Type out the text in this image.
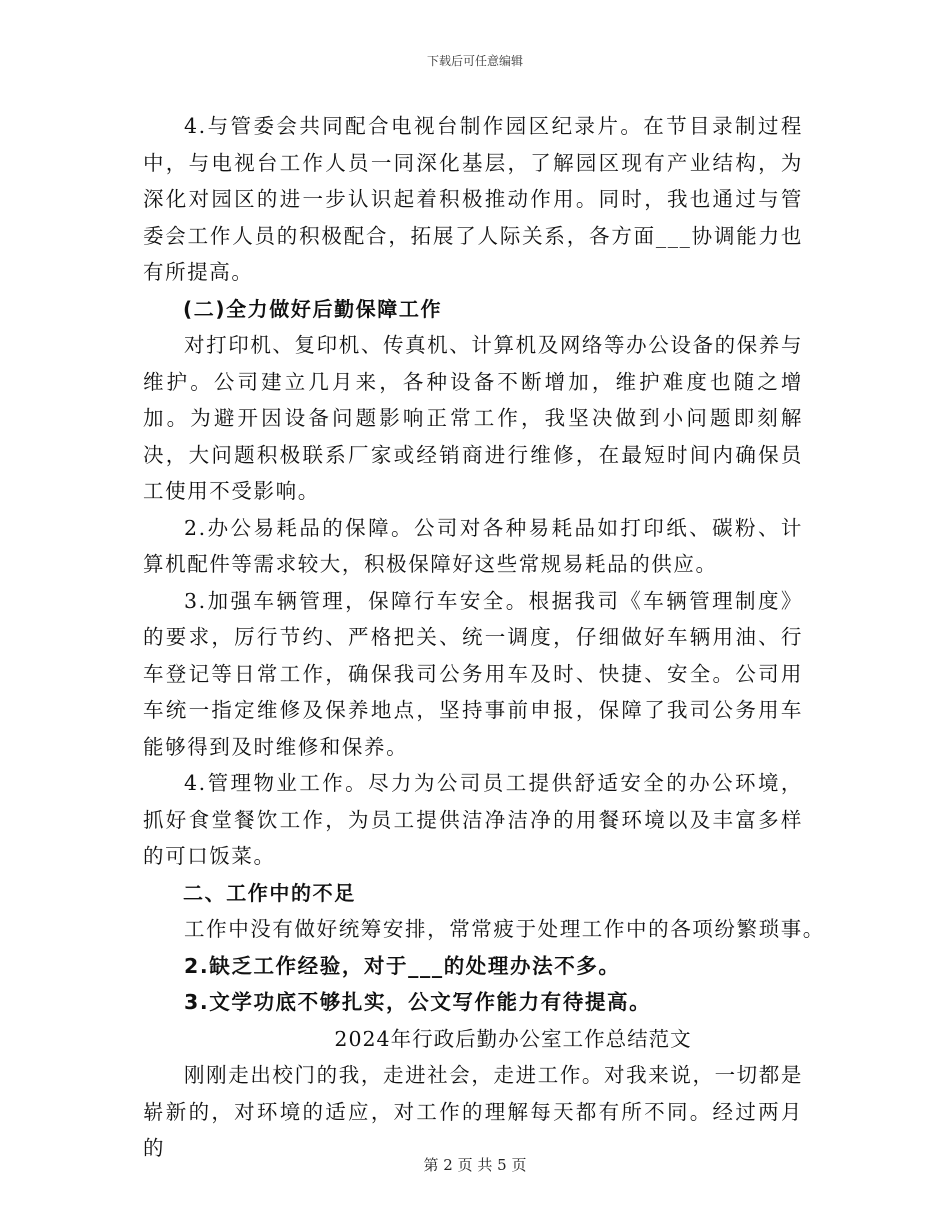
下载后可任意编辑

4.与管委会共同配合电视台制作园区纪录片。在节目录制过程中，与电视台工作人员一同深化基层，了解园区现有产业结构，为深化对园区的进一步认识起着积极推动作用。同时，我也通过与管委会工作人员的积极配合，拓展了人际关系，各方面___协调能力也有所提高。

(二)全力做好后勤保障工作

对打印机、复印机、传真机、计算机及网络等办公设备的保养与维护。公司建立几月来，各种设备不断增加，维护难度也随之增加。为避开因设备问题影响正常工作，我坚决做到小问题即刻解决，大问题积极联系厂家或经销商进行维修，在最短时间内确保员工使用不受影响。

2.办公易耗品的保障。公司对各种易耗品如打印纸、碳粉、计算机配件等需求较大，积极保障好这些常规易耗品的供应。

3.加强车辆管理，保障行车安全。根据我司《车辆管理制度》的要求，厉行节约、严格把关、统一调度，仔细做好车辆用油、行车登记等日常工作，确保我司公务用车及时、快捷、安全。公司用车统一指定维修及保养地点，坚持事前申报，保障了我司公务用车能够得到及时维修和保养。

4.管理物业工作。尽力为公司员工提供舒适安全的办公环境，抓好食堂餐饮工作，为员工提供洁净洁净的用餐环境以及丰富多样的可口饭菜。

二、工作中的不足

工作中没有做好统筹安排，常常疲于处理工作中的各项纷繁琐事。

2.缺乏工作经验，对于___的处理办法不多。

3.文学功底不够扎实，公文写作能力有待提高。

2024年行政后勤办公室工作总结范文

刚刚走出校门的我，走进社会，走进工作。对我来说，一切都是崭新的，对环境的适应，对工作的理解每天都有所不同。经过两月的

第 2 页 共 5 页
